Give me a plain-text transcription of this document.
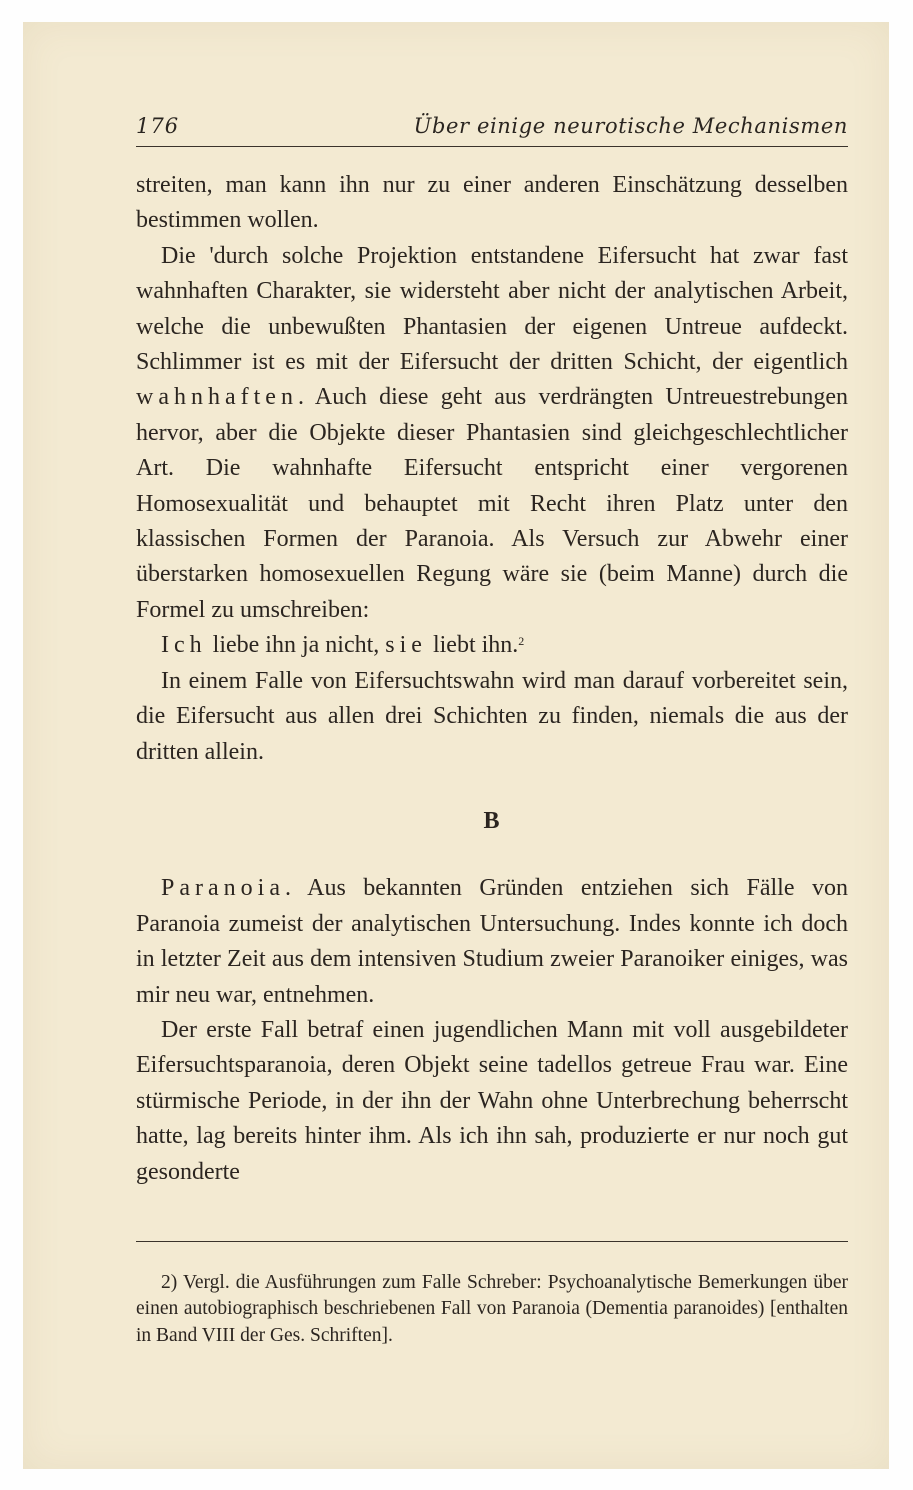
176	Über einige neurotische Mechanismen

streiten, man kann ihn nur zu einer anderen Einschätzung desselben bestimmen wollen.

Die 'durch solche Projektion entstandene Eifersucht hat zwar fast wahnhaften Charakter, sie widersteht aber nicht der analytischen Arbeit, welche die unbewußten Phantasien der eigenen Untreue aufdeckt. Schlimmer ist es mit der Eifersucht der dritten Schicht, der eigentlich wahnhaften. Auch diese geht aus verdrängten Untreuestrebungen hervor, aber die Objekte dieser Phantasien sind gleichgeschlechtlicher Art. Die wahnhafte Eifersucht entspricht einer vergorenen Homosexualität und behauptet mit Recht ihren Platz unter den klassischen Formen der Paranoia. Als Versuch zur Abwehr einer überstarken homosexuellen Regung wäre sie (beim Manne) durch die Formel zu umschreiben:

Ich liebe ihn ja nicht, sie liebt ihn.$^2$

In einem Falle von Eifersuchtswahn wird man darauf vorbereitet sein, die Eifersucht aus allen drei Schichten zu finden, niemals die aus der dritten allein.

B

Paranoia. Aus bekannten Gründen entziehen sich Fälle von Paranoia zumeist der analytischen Untersuchung. Indes konnte ich doch in letzter Zeit aus dem intensiven Studium zweier Paranoiker einiges, was mir neu war, entnehmen.

Der erste Fall betraf einen jugendlichen Mann mit voll ausgebildeter Eifersuchtsparanoia, deren Objekt seine tadellos getreue Frau war. Eine stürmische Periode, in der ihn der Wahn ohne Unterbrechung beherrscht hatte, lag bereits hinter ihm. Als ich ihn sah, produzierte er nur noch gut gesonderte

2) Vergl. die Ausführungen zum Falle Schreber: Psychoanalytische Bemerkungen über einen autobiographisch beschriebenen Fall von Paranoia (Dementia paranoides) [enthalten in Band VIII der Ges. Schriften].
